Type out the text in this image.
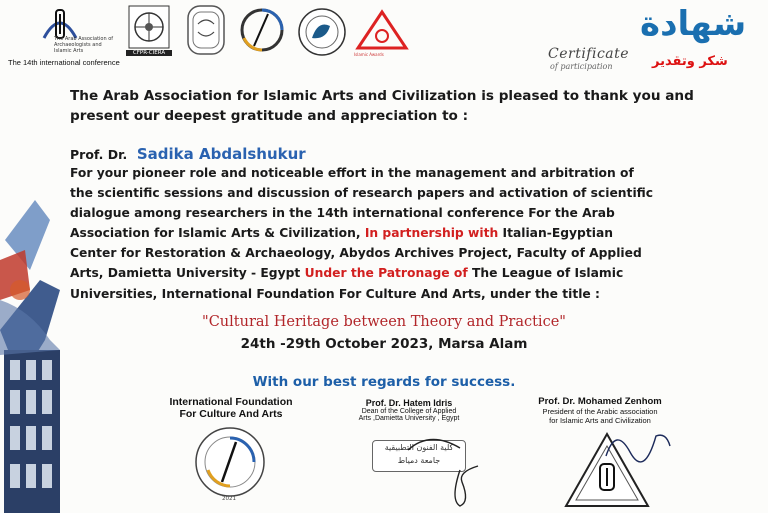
The Arab Association of Archaeologists and Islamic Arts
The 14th international conference
CFPR-CIERA	Islamic Awards	Certificate
of participation
شهادة
شكر وتقدير
The Arab Association for Islamic Arts and Civilization is pleased to thank you and
present our deepest gratitude and appreciation to :
Prof. Dr. Sadika Abdalshukur
For your pioneer role and noticeable effort in the management and arbitration of
the scientific sessions and discussion of research papers and activation of scientific
dialogue among researchers in the 14th international conference For the Arab
Association for Islamic Arts & Civilization, In partnership with Italian-Egyptian
Center for Restoration & Archaeology, Abydos Archives Project, Faculty of Applied
Arts, Damietta University - Egypt Under the Patronage of The League of Islamic
Universities, International Foundation For Culture And Arts, under the title :
"Cultural Heritage between Theory and Practice"
24th -29th October 2023, Marsa Alam
With our best regards for success.
International Foundation
For Culture And Arts
2021
Prof. Dr. Hatem Idris
Dean of the College of Applied
Arts ,Damietta University , Egypt
كلية الفنون التطبيقية
جامعة دمياط
Prof. Dr. Mohamed Zenhom
President of the Arabic association
for Islamic Arts and Civilization
